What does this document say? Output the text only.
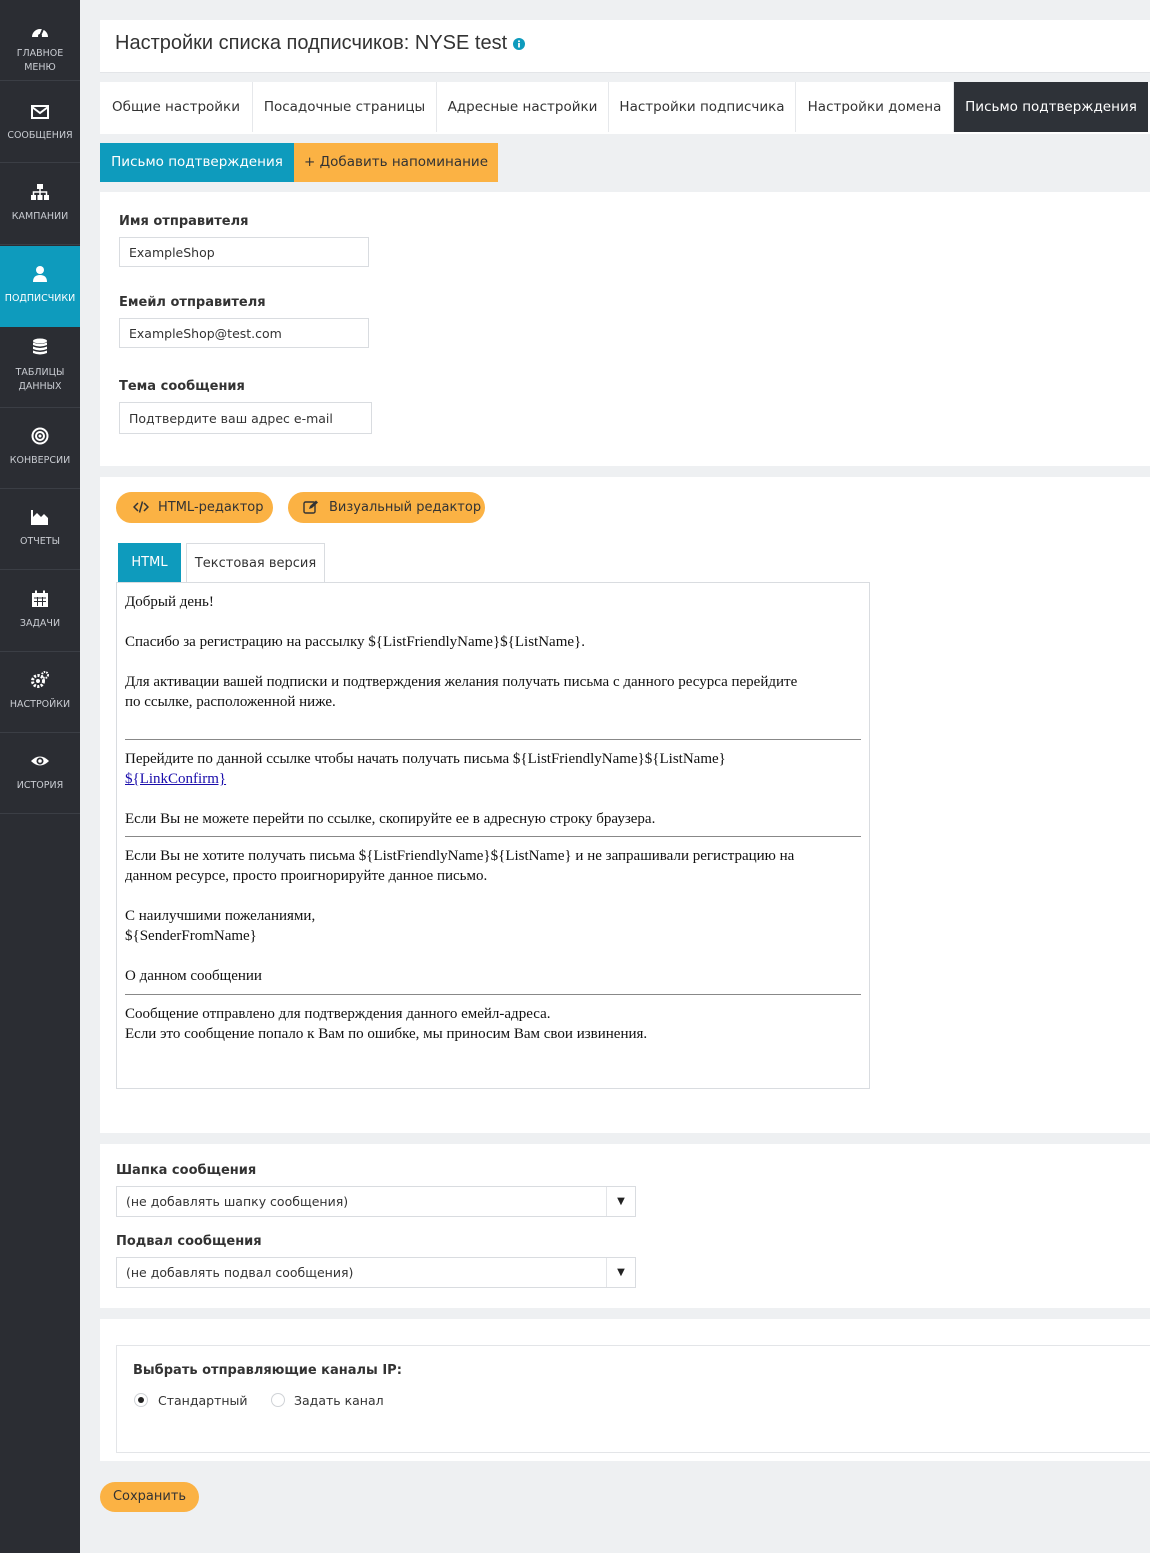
ГЛАВНОЕ МЕНЮ
СООБЩЕНИЯ
КАМПАНИИ
ПОДПИСЧИКИ
ТАБЛИЦЫ
ДАННЫХ
КОНВЕРСИИ
ОТЧЕТЫ
ЗАДАЧИ
НАСТРОЙКИ
ИСТОРИЯ
Настройки списка подписчиков: NYSE test
Общие настройки	Посадочные страницы	Адресные настройки	Настройки подписчика	Настройки домена	Письмо подтверждения
Письмо подтверждения	+ Добавить напоминание
Имя отправителя
ExampleShop
Емейл отправителя
ExampleShop@test.com
Тема сообщения
Подтвердите ваш адрес e-mail
HTML-редактор	Визуальный редактор
HTML	Текстовая версия
Добрый день!
Спасибо за регистрацию на рассылку ${ListFriendlyName}${ListName}.
Для активации вашей подписки и подтверждения желания получать письма с данного ресурса перейдите
по ссылке, расположенной ниже.
Перейдите по данной ссылке чтобы начать получать письма ${ListFriendlyName}${ListName}
${LinkConfirm}
Если Вы не можете перейти по ссылке, скопируйте ее в адресную строку браузера.
Если Вы не хотите получать письма ${ListFriendlyName}${ListName} и не запрашивали регистрацию на
данном ресурсе, просто проигнорируйте данное письмо.
С наилучшими пожеланиями,
${SenderFromName}
О данном сообщении
Сообщение отправлено для подтверждения данного емейл-адреса.
Если это сообщение попало к Вам по ошибке, мы приносим Вам свои извинения.
Шапка сообщения
(не добавлять шапку сообщения)	▼
Подвал сообщения
(не добавлять подвал сообщения)	▼
Выбрать отправляющие каналы IP:
Стандартный	Задать канал
Сохранить
